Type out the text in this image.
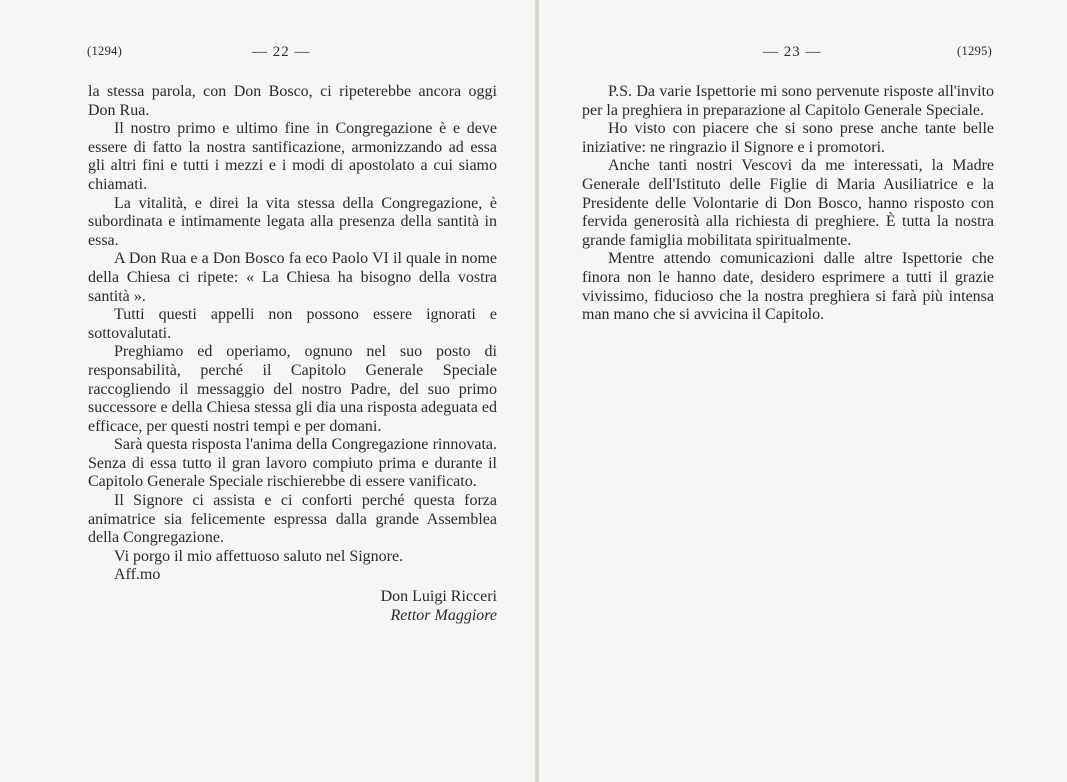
(1294)	— 22 —

la stessa parola, con Don Bosco, ci ripeterebbe ancora oggi Don Rua.

Il nostro primo e ultimo fine in Congregazione è e deve essere di fatto la nostra santificazione, armonizzando ad essa gli altri fini e tutti i mezzi e i modi di apostolato a cui siamo chiamati.

La vitalità, e direi la vita stessa della Congregazione, è subordinata e intimamente legata alla presenza della santità in essa.

A Don Rua e a Don Bosco fa eco Paolo VI il quale in nome della Chiesa ci ripete: « La Chiesa ha bisogno della vostra santità ».

Tutti questi appelli non possono essere ignorati e sottovalutati.

Preghiamo ed operiamo, ognuno nel suo posto di responsabilità, perché il Capitolo Generale Speciale raccogliendo il messaggio del nostro Padre, del suo primo successore e della Chiesa stessa gli dia una risposta adeguata ed efficace, per questi nostri tempi e per domani.

Sarà questa risposta l'anima della Congregazione rinnovata. Senza di essa tutto il gran lavoro compiuto prima e durante il Capitolo Generale Speciale rischierebbe di essere vanificato.

Il Signore ci assista e ci conforti perché questa forza animatrice sia felicemente espressa dalla grande Assemblea della Congregazione.

Vi porgo il mio affettuoso saluto nel Signore.

Aff.mo

Don Luigi Ricceri
Rettor Maggiore
— 23 —	(1295)

P.S. Da varie Ispettorie mi sono pervenute risposte all'invito per la preghiera in preparazione al Capitolo Generale Speciale.

Ho visto con piacere che si sono prese anche tante belle iniziative: ne ringrazio il Signore e i promotori.

Anche tanti nostri Vescovi da me interessati, la Madre Generale dell'Istituto delle Figlie di Maria Ausiliatrice e la Presidente delle Volontarie di Don Bosco, hanno risposto con fervida generosità alla richiesta di preghiere. È tutta la nostra grande famiglia mobilitata spiritualmente.

Mentre attendo comunicazioni dalle altre Ispettorie che finora non le hanno date, desidero esprimere a tutti il grazie vivissimo, fiducioso che la nostra preghiera si farà più intensa man mano che si avvicina il Capitolo.
